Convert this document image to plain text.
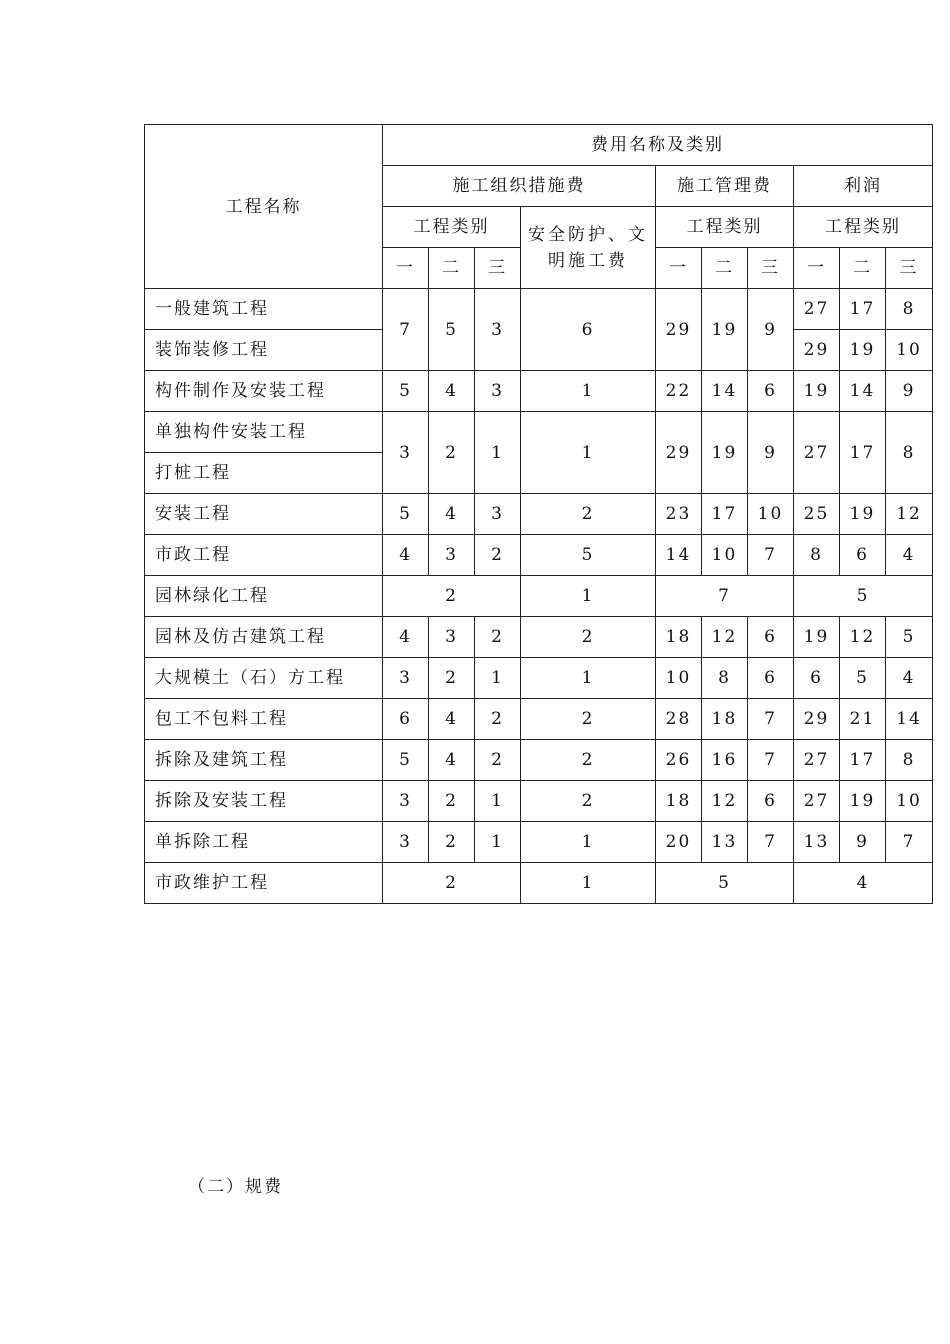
工程名称	费用名称及类别									
	施工组织措施费				施工管理费			利润		
	工程类别			安全防护、文明施工费	工程类别			工程类别		
	一	二	三		一	二	三	一	二	三
一般建筑工程	7	5	3	6	29	19	9	27	17	8
装饰装修工程								29	19	10
构件制作及安装工程	5	4	3	1	22	14	6	19	14	9
单独构件安装工程	3	2	1	1	29	19	9	27	17	8
打桩工程										
安装工程	5	4	3	2	23	17	10	25	19	12
市政工程	4	3	2	5	14	10	7	8	6	4
园林绿化工程	2			1	7			5		
园林及仿古建筑工程	4	3	2	2	18	12	6	19	12	5
大规模土（石）方工程	3	2	1	1	10	8	6	6	5	4
包工不包料工程	6	4	2	2	28	18	7	29	21	14
拆除及建筑工程	5	4	2	2	26	16	7	27	17	8
拆除及安装工程	3	2	1	2	18	12	6	27	19	10
单拆除工程	3	2	1	1	20	13	7	13	9	7
市政维护工程	2			1	5			4		
（二）规费
